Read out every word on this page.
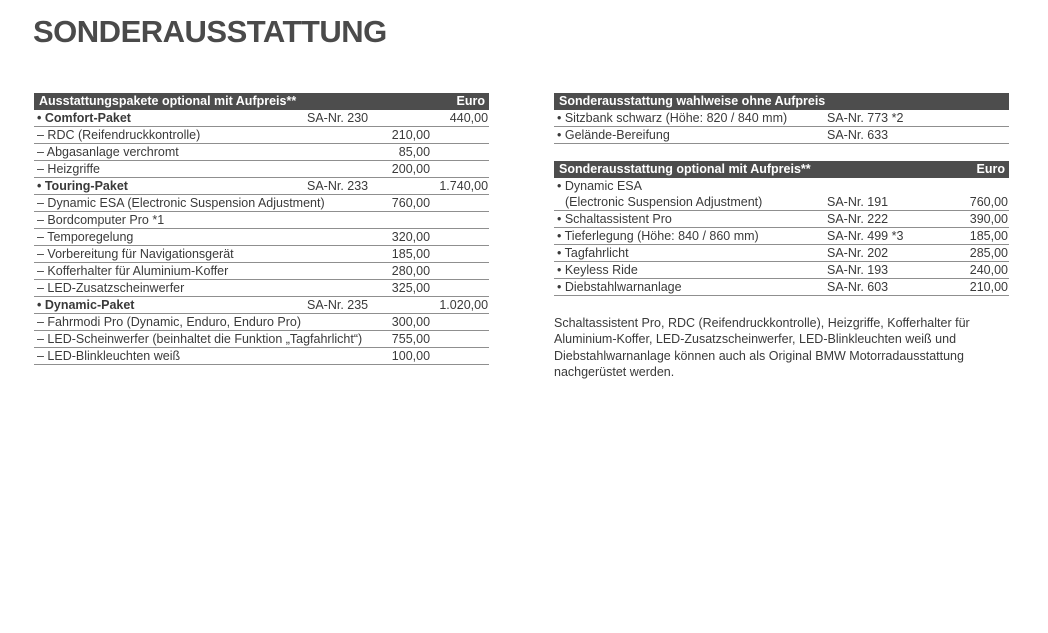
SONDERAUSSTATTUNG
Ausstattungspakete optional mit Aufpreis**			Euro
• Comfort-Paket	SA-Nr. 230		440,00
– RDC (Reifendruckkontrolle)		210,00	
– Abgasanlage verchromt		85,00	
– Heizgriffe		200,00	
• Touring-Paket	SA-Nr. 233		1.740,00
– Dynamic ESA (Electronic Suspension Adjustment)		760,00	
– Bordcomputer Pro *1			
– Temporegelung		320,00	
– Vorbereitung für Navigationsgerät		185,00	
– Kofferhalter für Aluminium-Koffer		280,00	
– LED-Zusatzscheinwerfer		325,00	
• Dynamic-Paket	SA-Nr. 235		1.020,00
– Fahrmodi Pro (Dynamic, Enduro, Enduro Pro)		300,00	
– LED-Scheinwerfer (beinhaltet die Funktion „Tagfahrlicht“)		755,00	
– LED-Blinkleuchten weiß		100,00	
Sonderausstattung wahlweise ohne Aufpreis		
• Sitzbank schwarz (Höhe: 820 / 840 mm)	SA-Nr. 773 *2	
• Gelände-Bereifung	SA-Nr. 633	
Sonderausstattung optional mit Aufpreis**		Euro
• Dynamic ESA		
(Electronic Suspension Adjustment)	SA-Nr. 191	760,00
• Schaltassistent Pro	SA-Nr. 222	390,00
• Tieferlegung (Höhe: 840 / 860 mm)	SA-Nr. 499 *3	185,00
• Tagfahrlicht	SA-Nr. 202	285,00
• Keyless Ride	SA-Nr. 193	240,00
• Diebstahlwarnanlage	SA-Nr. 603	210,00
Schaltassistent Pro, RDC (Reifendruckkontrolle), Heizgriffe, Kofferhalter für Aluminium-Koffer, LED-Zusatzscheinwerfer, LED-Blinkleuchten weiß und Diebstahlwarnanlage können auch als Original BMW Motorradausstattung nachgerüstet werden.
